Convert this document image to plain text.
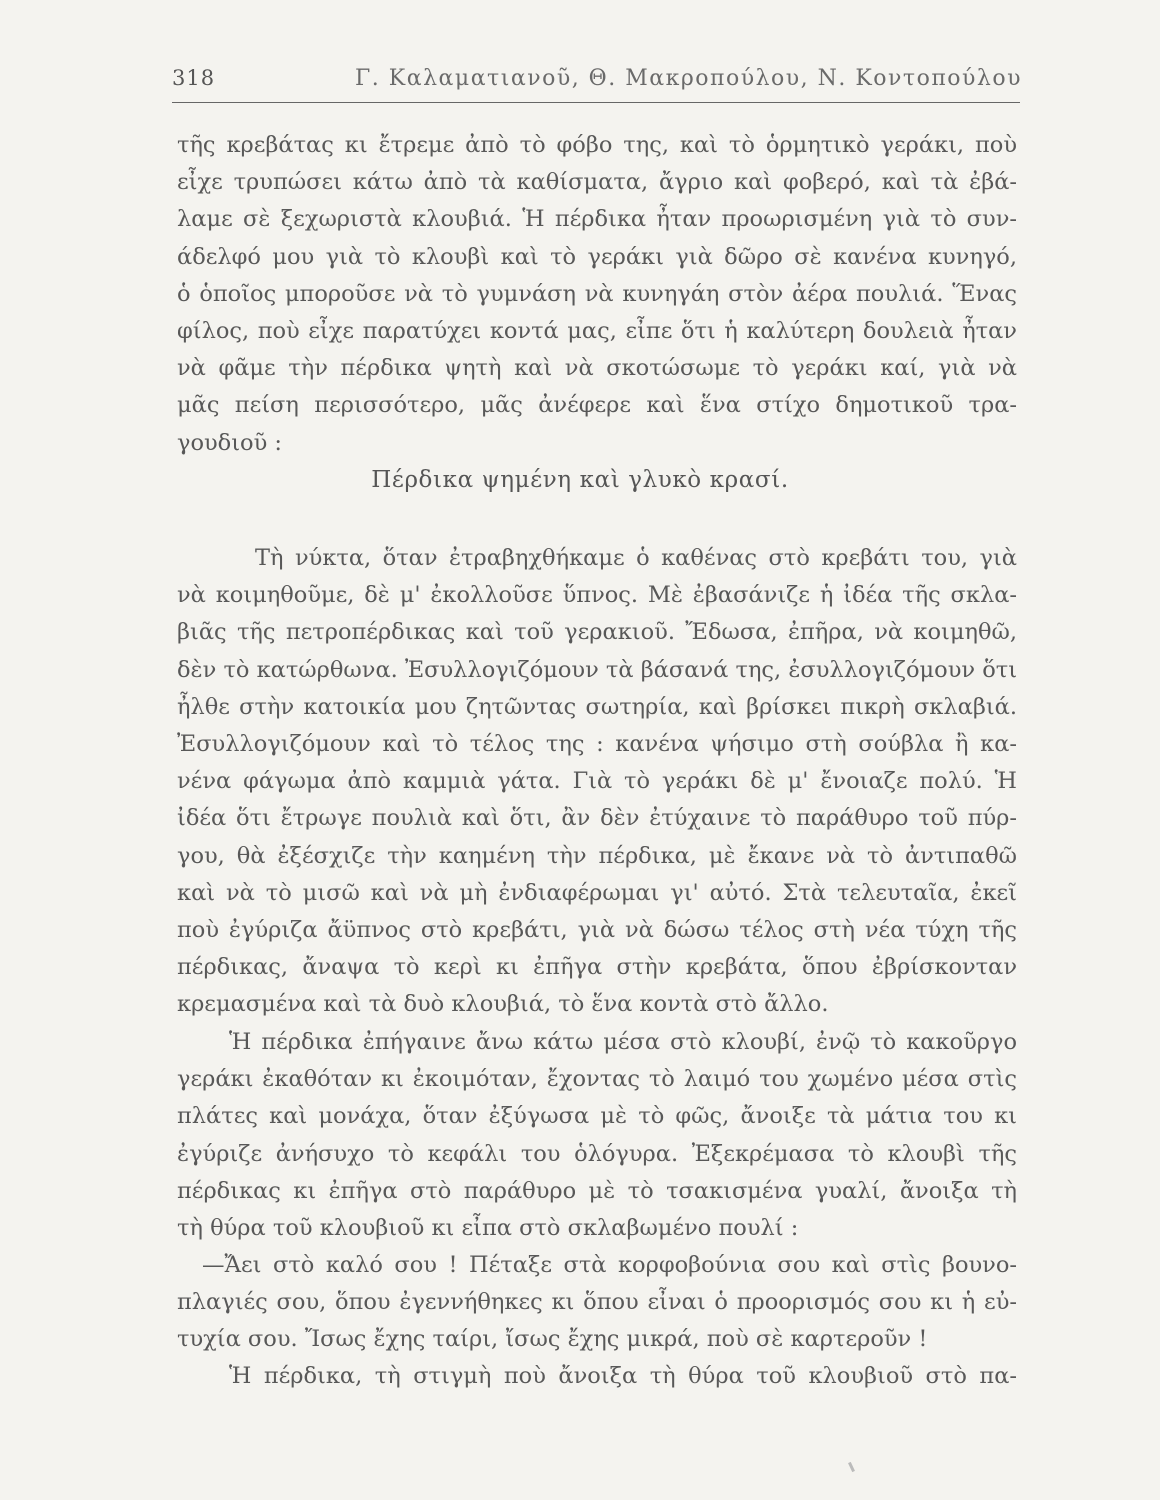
318	Γ. Καλαματιανοῦ, Θ. Μακροπούλου, Ν. Κοντοπούλου
τῆς κρεβάτας κι ἔτρεμε ἀπὸ τὸ φόβο της, καὶ τὸ ὁρμητικὸ γεράκι, ποὺ
εἶχε τρυπώσει κάτω ἀπὸ τὰ καθίσματα, ἄγριο καὶ φοβερό, καὶ τὰ ἐβά-
λαμε σὲ ξεχωριστὰ κλουβιά. Ἡ πέρδικα ἦταν προωρισμένη γιὰ τὸ συν-
άδελφό μου γιὰ τὸ κλουβὶ καὶ τὸ γεράκι γιὰ δῶρο σὲ κανένα κυνηγό,
ὁ ὁποῖος μποροῦσε νὰ τὸ γυμνάση νὰ κυνηγάη στὸν ἀέρα πουλιά. Ἕνας
φίλος, ποὺ εἶχε παρατύχει κοντά μας, εἶπε ὅτι ἡ καλύτερη δουλειὰ ἦταν
νὰ φᾶμε τὴν πέρδικα ψητὴ καὶ νὰ σκοτώσωμε τὸ γεράκι καί, γιὰ νὰ
μᾶς πείση περισσότερο, μᾶς ἀνέφερε καὶ ἕνα στίχο δημοτικοῦ τρα-
γουδιοῦ :
Πέρδικα ψημένη καὶ γλυκὸ κρασί.
Τὴ νύκτα, ὅταν ἐτραβηχθήκαμε ὁ καθένας στὸ κρεβάτι του, γιὰ
νὰ κοιμηθοῦμε, δὲ μ' ἐκολλοῦσε ὕπνος. Μὲ ἐβασάνιζε ἡ ἰδέα τῆς σκλα-
βιᾶς τῆς πετροπέρδικας καὶ τοῦ γερακιοῦ. Ἔδωσα, ἐπῆρα, νὰ κοιμηθῶ,
δὲν τὸ κατώρθωνα. Ἐσυλλογιζόμουν τὰ βάσανά της, ἐσυλλογιζόμουν ὅτι
ἦλθε στὴν κατοικία μου ζητῶντας σωτηρία, καὶ βρίσκει πικρὴ σκλαβιά.
Ἐσυλλογιζόμουν καὶ τὸ τέλος της : κανένα ψήσιμο στὴ σούβλα ἢ κα-
νένα φάγωμα ἀπὸ καμμιὰ γάτα. Γιὰ τὸ γεράκι δὲ μ' ἔνοιαζε πολύ. Ἡ
ἰδέα ὅτι ἔτρωγε πουλιὰ καὶ ὅτι, ἂν δὲν ἐτύχαινε τὸ παράθυρο τοῦ πύρ-
γου, θὰ ἐξέσχιζε τὴν καημένη τὴν πέρδικα, μὲ ἔκανε νὰ τὸ ἀντιπαθῶ
καὶ νὰ τὸ μισῶ καὶ νὰ μὴ ἐνδιαφέρωμαι γι' αὐτό. Στὰ τελευταῖα, ἐκεῖ
ποὺ ἐγύριζα ἄϋπνος στὸ κρεβάτι, γιὰ νὰ δώσω τέλος στὴ νέα τύχη τῆς
πέρδικας, ἄναψα τὸ κερὶ κι ἐπῆγα στὴν κρεβάτα, ὅπου ἐβρίσκονταν
κρεμασμένα καὶ τὰ δυὸ κλουβιά, τὸ ἕνα κοντὰ στὸ ἄλλο.
Ἡ πέρδικα ἐπήγαινε ἄνω κάτω μέσα στὸ κλουβί, ἐνῷ τὸ κακοῦργο
γεράκι ἐκαθόταν κι ἐκοιμόταν, ἔχοντας τὸ λαιμό του χωμένο μέσα στὶς
πλάτες καὶ μονάχα, ὅταν ἐξύγωσα μὲ τὸ φῶς, ἄνοιξε τὰ μάτια του κι
ἐγύριζε ἀνήσυχο τὸ κεφάλι του ὁλόγυρα. Ἐξεκρέμασα τὸ κλουβὶ τῆς
πέρδικας κι ἐπῆγα στὸ παράθυρο μὲ τὸ τσακισμένα γυαλί, ἄνοιξα τὴ
τὴ θύρα τοῦ κλουβιοῦ κι εἶπα στὸ σκλαβωμένο πουλί :
—Ἄει στὸ καλό σου ! Πέταξε στὰ κορφοβούνια σου καὶ στὶς βουνο-
πλαγιές σου, ὅπου ἐγεννήθηκες κι ὅπου εἶναι ὁ προορισμός σου κι ἡ εὐ-
τυχία σου. Ἴσως ἔχης ταίρι, ἴσως ἔχης μικρά, ποὺ σὲ καρτεροῦν !
Ἡ πέρδικα, τὴ στιγμὴ ποὺ ἄνοιξα τὴ θύρα τοῦ κλουβιοῦ στὸ πα-
